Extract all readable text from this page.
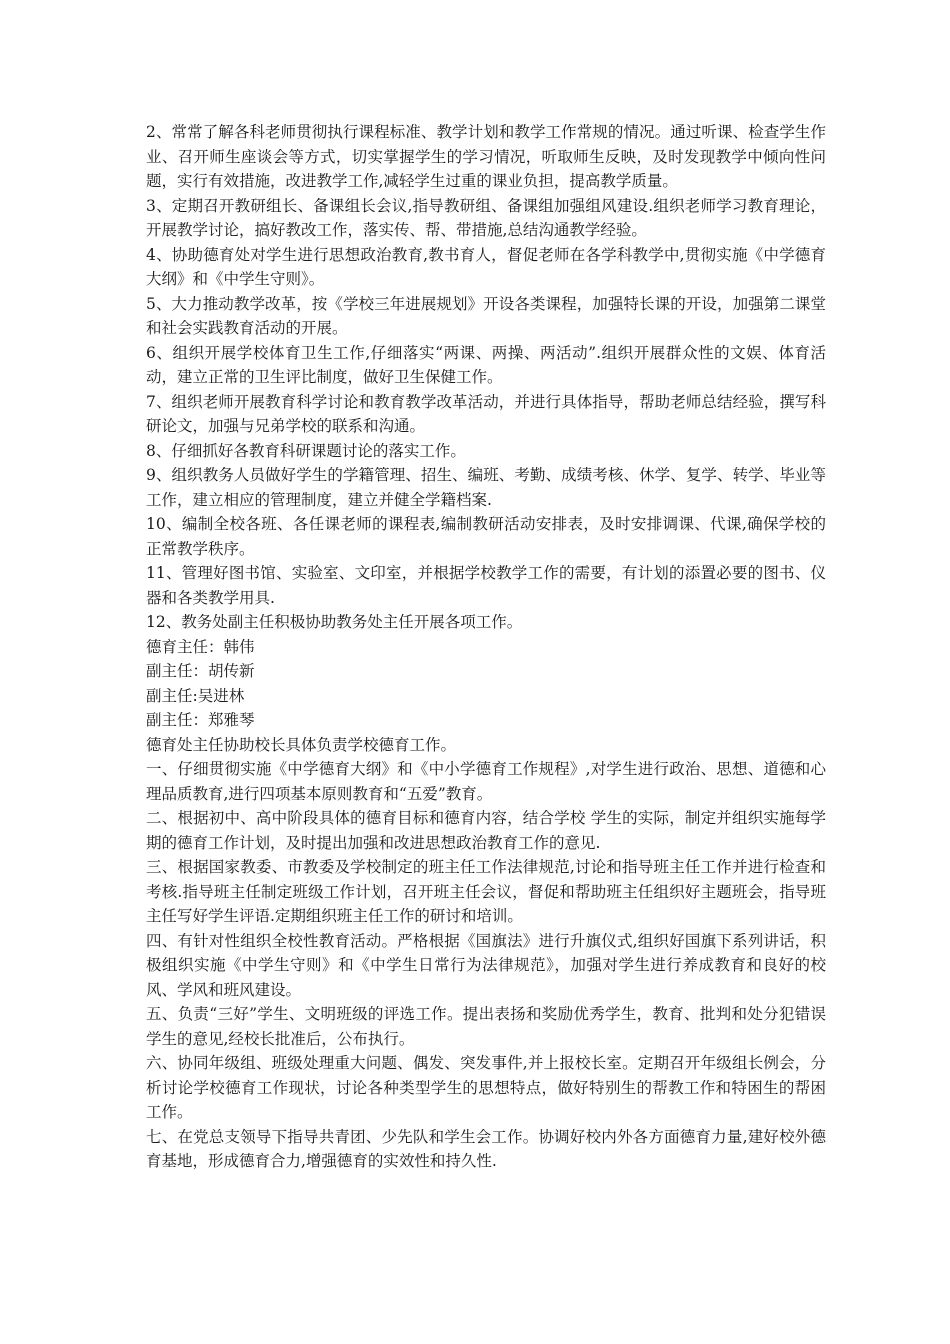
2、常常了解各科老师贯彻执行课程标准、教学计划和教学工作常规的情况。通过听课、检查学生作业、召开师生座谈会等方式，切实掌握学生的学习情况，听取师生反映，及时发现教学中倾向性问题，实行有效措施，改进教学工作,减轻学生过重的课业负担，提高教学质量。

3、定期召开教研组长、备课组长会议,指导教研组、备课组加强组风建设.组织老师学习教育理论，开展教学讨论，搞好教改工作，落实传、帮、带措施,总结沟通教学经验。

4、协助德育处对学生进行思想政治教育,教书育人，督促老师在各学科教学中,贯彻实施《中学德育大纲》和《中学生守则》。

5、大力推动教学改革，按《学校三年进展规划》开设各类课程，加强特长课的开设，加强第二课堂和社会实践教育活动的开展。

6、组织开展学校体育卫生工作,仔细落实“两课、两操、两活动”.组织开展群众性的文娱、体育活动，建立正常的卫生评比制度，做好卫生保健工作。

7、组织老师开展教育科学讨论和教育教学改革活动，并进行具体指导，帮助老师总结经验，撰写科研论文，加强与兄弟学校的联系和沟通。

8、仔细抓好各教育科研课题讨论的落实工作。

9、组织教务人员做好学生的学籍管理、招生、编班、考勤、成绩考核、休学、复学、转学、毕业等工作，建立相应的管理制度，建立并健全学籍档案.

10、编制全校各班、各任课老师的课程表,编制教研活动安排表，及时安排调课、代课,确保学校的正常教学秩序。

11、管理好图书馆、实验室、文印室，并根据学校教学工作的需要，有计划的添置必要的图书、仪器和各类教学用具.

12、教务处副主任积极协助教务处主任开展各项工作。

德育主任：韩伟

副主任：胡传新

副主任:吴进林

副主任：郑雅琴

德育处主任协助校长具体负责学校德育工作。

一、仔细贯彻实施《中学德育大纲》和《中小学德育工作规程》,对学生进行政治、思想、道德和心理品质教育,进行四项基本原则教育和“五爱”教育。

二、根据初中、高中阶段具体的德育目标和德育内容，结合学校 学生的实际，制定并组织实施每学期的德育工作计划，及时提出加强和改进思想政治教育工作的意见.

三、根据国家教委、市教委及学校制定的班主任工作法律规范,讨论和指导班主任工作并进行检查和考核.指导班主任制定班级工作计划，召开班主任会议，督促和帮助班主任组织好主题班会，指导班主任写好学生评语.定期组织班主任工作的研讨和培训。

四、有针对性组织全校性教育活动。严格根据《国旗法》进行升旗仪式,组织好国旗下系列讲话，积极组织实施《中学生守则》和《中学生日常行为法律规范》，加强对学生进行养成教育和良好的校风、学风和班风建设。

五、负责“三好”学生、文明班级的评选工作。提出表扬和奖励优秀学生，教育、批判和处分犯错误学生的意见,经校长批准后，公布执行。

六、协同年级组、班级处理重大问题、偶发、突发事件,并上报校长室。定期召开年级组长例会，分析讨论学校德育工作现状，讨论各种类型学生的思想特点，做好特别生的帮教工作和特困生的帮困工作。

七、在党总支领导下指导共青团、少先队和学生会工作。协调好校内外各方面德育力量,建好校外德育基地，形成德育合力,增强德育的实效性和持久性.
